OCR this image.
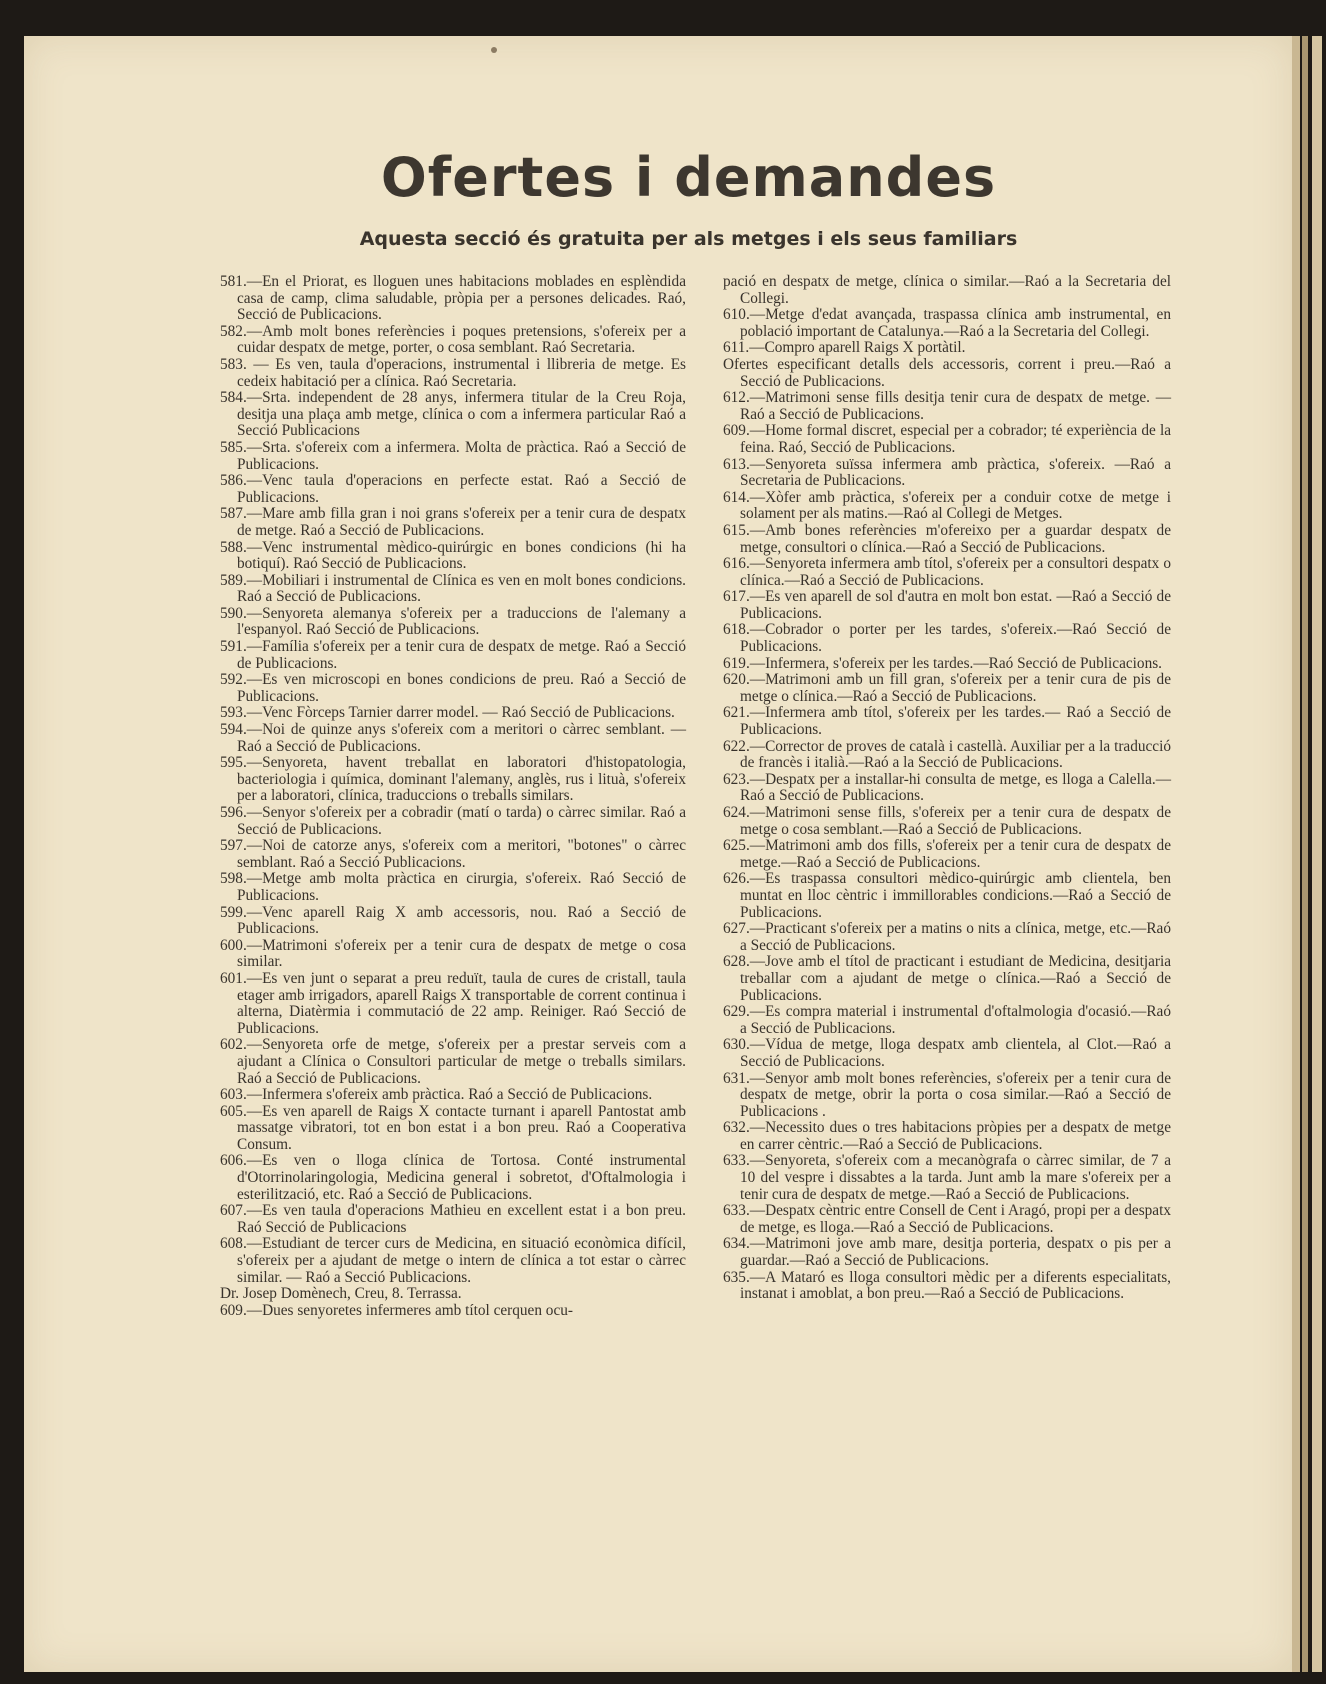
Ofertes i demandes
Aquesta secció és gratuita per als metges i els seus familiars

581.—En el Priorat, es lloguen unes habitacions moblades en esplèndida casa de camp, clima saludable, pròpia per a persones delicades. Raó, Secció de Publicacions.

582.—Amb molt bones referències i poques pretensions, s'ofereix per a cuidar despatx de metge, porter, o cosa semblant. Raó Secretaria.

583. — Es ven, taula d'operacions, instrumental i llibreria de metge. Es cedeix habitació per a clínica. Raó Secretaria.

584.—Srta. independent de 28 anys, infermera titular de la Creu Roja, desitja una plaça amb metge, clínica o com a infermera particular Raó a Secció Publicacions

585.—Srta. s'ofereix com a infermera. Molta de pràctica. Raó a Secció de Publicacions.

586.—Venc taula d'operacions en perfecte estat. Raó a Secció de Publicacions.

587.—Mare amb filla gran i noi grans s'ofereix per a tenir cura de despatx de metge. Raó a Secció de Publicacions.

588.—Venc instrumental mèdico-quirúrgic en bones condicions (hi ha botiquí). Raó Secció de Publicacions.

589.—Mobiliari i instrumental de Clínica es ven en molt bones condicions. Raó a Secció de Publicacions.

590.—Senyoreta alemanya s'ofereix per a traduccions de l'alemany a l'espanyol. Raó Secció de Publicacions.

591.—Família s'ofereix per a tenir cura de despatx de metge. Raó a Secció de Publicacions.

592.—Es ven microscopi en bones condicions de preu. Raó a Secció de Publicacions.

593.—Venc Fòrceps Tarnier darrer model. — Raó Secció de Publicacions.

594.—Noi de quinze anys s'ofereix com a meritori o càrrec semblant. — Raó a Secció de Publicacions.

595.—Senyoreta, havent treballat en laboratori d'histopatologia, bacteriologia i química, dominant l'alemany, anglès, rus i lituà, s'ofereix per a laboratori, clínica, traduccions o treballs similars.

596.—Senyor s'ofereix per a cobradir (matí o tarda) o càrrec similar. Raó a Secció de Publicacions.

597.—Noi de catorze anys, s'ofereix com a meritori, "botones" o càrrec semblant. Raó a Secció Publicacions.

598.—Metge amb molta pràctica en cirurgia, s'ofereix. Raó Secció de Publicacions.

599.—Venc aparell Raig X amb accessoris, nou. Raó a Secció de Publicacions.

600.—Matrimoni s'ofereix per a tenir cura de despatx de metge o cosa similar.

601.—Es ven junt o separat a preu reduït, taula de cures de cristall, taula etager amb irrigadors, aparell Raigs X transportable de corrent continua i alterna, Diatèrmia i commutació de 22 amp. Reiniger. Raó Secció de Publicacions.

602.—Senyoreta orfe de metge, s'ofereix per a prestar serveis com a ajudant a Clínica o Consultori particular de metge o treballs similars. Raó a Secció de Publicacions.

603.—Infermera s'ofereix amb pràctica. Raó a Secció de Publicacions.

605.—Es ven aparell de Raigs X contacte turnant i aparell Pantostat amb massatge vibratori, tot en bon estat i a bon preu. Raó a Cooperativa Consum.

606.—Es ven o lloga clínica de Tortosa. Conté instrumental d'Otorrinolaringologia, Medicina general i sobretot, d'Oftalmologia i esterilització, etc. Raó a Secció de Publicacions.

607.—Es ven taula d'operacions Mathieu en excellent estat i a bon preu. Raó Secció de Publicacions

608.—Estudiant de tercer curs de Medicina, en situació econòmica difícil, s'ofereix per a ajudant de metge o intern de clínica a tot estar o càrrec similar. — Raó a Secció Publicacions.

Dr. Josep Domènech, Creu, 8. Terrassa.

609.—Dues senyoretes infermeres amb títol cerquen ocu-

pació en despatx de metge, clínica o similar.—Raó a la Secretaria del Collegi.

610.—Metge d'edat avançada, traspassa clínica amb instrumental, en població important de Catalunya.—Raó a la Secretaria del Collegi.

611.—Compro aparell Raigs X portàtil.

Ofertes especificant detalls dels accessoris, corrent i preu.—Raó a Secció de Publicacions.

612.—Matrimoni sense fills desitja tenir cura de despatx de metge. — Raó a Secció de Publicacions.

609.—Home formal discret, especial per a cobrador; té experiència de la feina. Raó, Secció de Publicacions.

613.—Senyoreta suïssa infermera amb pràctica, s'ofereix. —Raó a Secretaria de Publicacions.

614.—Xòfer amb pràctica, s'ofereix per a conduir cotxe de metge i solament per als matins.—Raó al Collegi de Metges.

615.—Amb bones referències m'ofereixo per a guardar despatx de metge, consultori o clínica.—Raó a Secció de Publicacions.

616.—Senyoreta infermera amb títol, s'ofereix per a consultori despatx o clínica.—Raó a Secció de Publicacions.

617.—Es ven aparell de sol d'autra en molt bon estat. —Raó a Secció de Publicacions.

618.—Cobrador o porter per les tardes, s'ofereix.—Raó Secció de Publicacions.

619.—Infermera, s'ofereix per les tardes.—Raó Secció de Publicacions.

620.—Matrimoni amb un fill gran, s'ofereix per a tenir cura de pis de metge o clínica.—Raó a Secció de Publicacions.

621.—Infermera amb títol, s'ofereix per les tardes.— Raó a Secció de Publicacions.

622.—Corrector de proves de català i castellà. Auxiliar per a la traducció de francès i italià.—Raó a la Secció de Publicacions.

623.—Despatx per a installar-hi consulta de metge, es lloga a Calella.—Raó a Secció de Publicacions.

624.—Matrimoni sense fills, s'ofereix per a tenir cura de despatx de metge o cosa semblant.—Raó a Secció de Publicacions.

625.—Matrimoni amb dos fills, s'ofereix per a tenir cura de despatx de metge.—Raó a Secció de Publicacions.

626.—Es traspassa consultori mèdico-quirúrgic amb clientela, ben muntat en lloc cèntric i immillorables condicions.—Raó a Secció de Publicacions.

627.—Practicant s'ofereix per a matins o nits a clínica, metge, etc.—Raó a Secció de Publicacions.

628.—Jove amb el títol de practicant i estudiant de Medicina, desitjaria treballar com a ajudant de metge o clínica.—Raó a Secció de Publicacions.

629.—Es compra material i instrumental d'oftalmologia d'ocasió.—Raó a Secció de Publicacions.

630.—Vídua de metge, lloga despatx amb clientela, al Clot.—Raó a Secció de Publicacions.

631.—Senyor amb molt bones referències, s'ofereix per a tenir cura de despatx de metge, obrir la porta o cosa similar.—Raó a Secció de Publicacions .

632.—Necessito dues o tres habitacions pròpies per a despatx de metge en carrer cèntric.—Raó a Secció de Publicacions.

633.—Senyoreta, s'ofereix com a mecanògrafa o càrrec similar, de 7 a 10 del vespre i dissabtes a la tarda. Junt amb la mare s'ofereix per a tenir cura de despatx de metge.—Raó a Secció de Publicacions.

633.—Despatx cèntric entre Consell de Cent i Aragó, propi per a despatx de metge, es lloga.—Raó a Secció de Publicacions.

634.—Matrimoni jove amb mare, desitja porteria, despatx o pis per a guardar.—Raó a Secció de Publicacions.

635.—A Mataró es lloga consultori mèdic per a diferents especialitats, instanat i amoblat, a bon preu.—Raó a Secció de Publicacions.
